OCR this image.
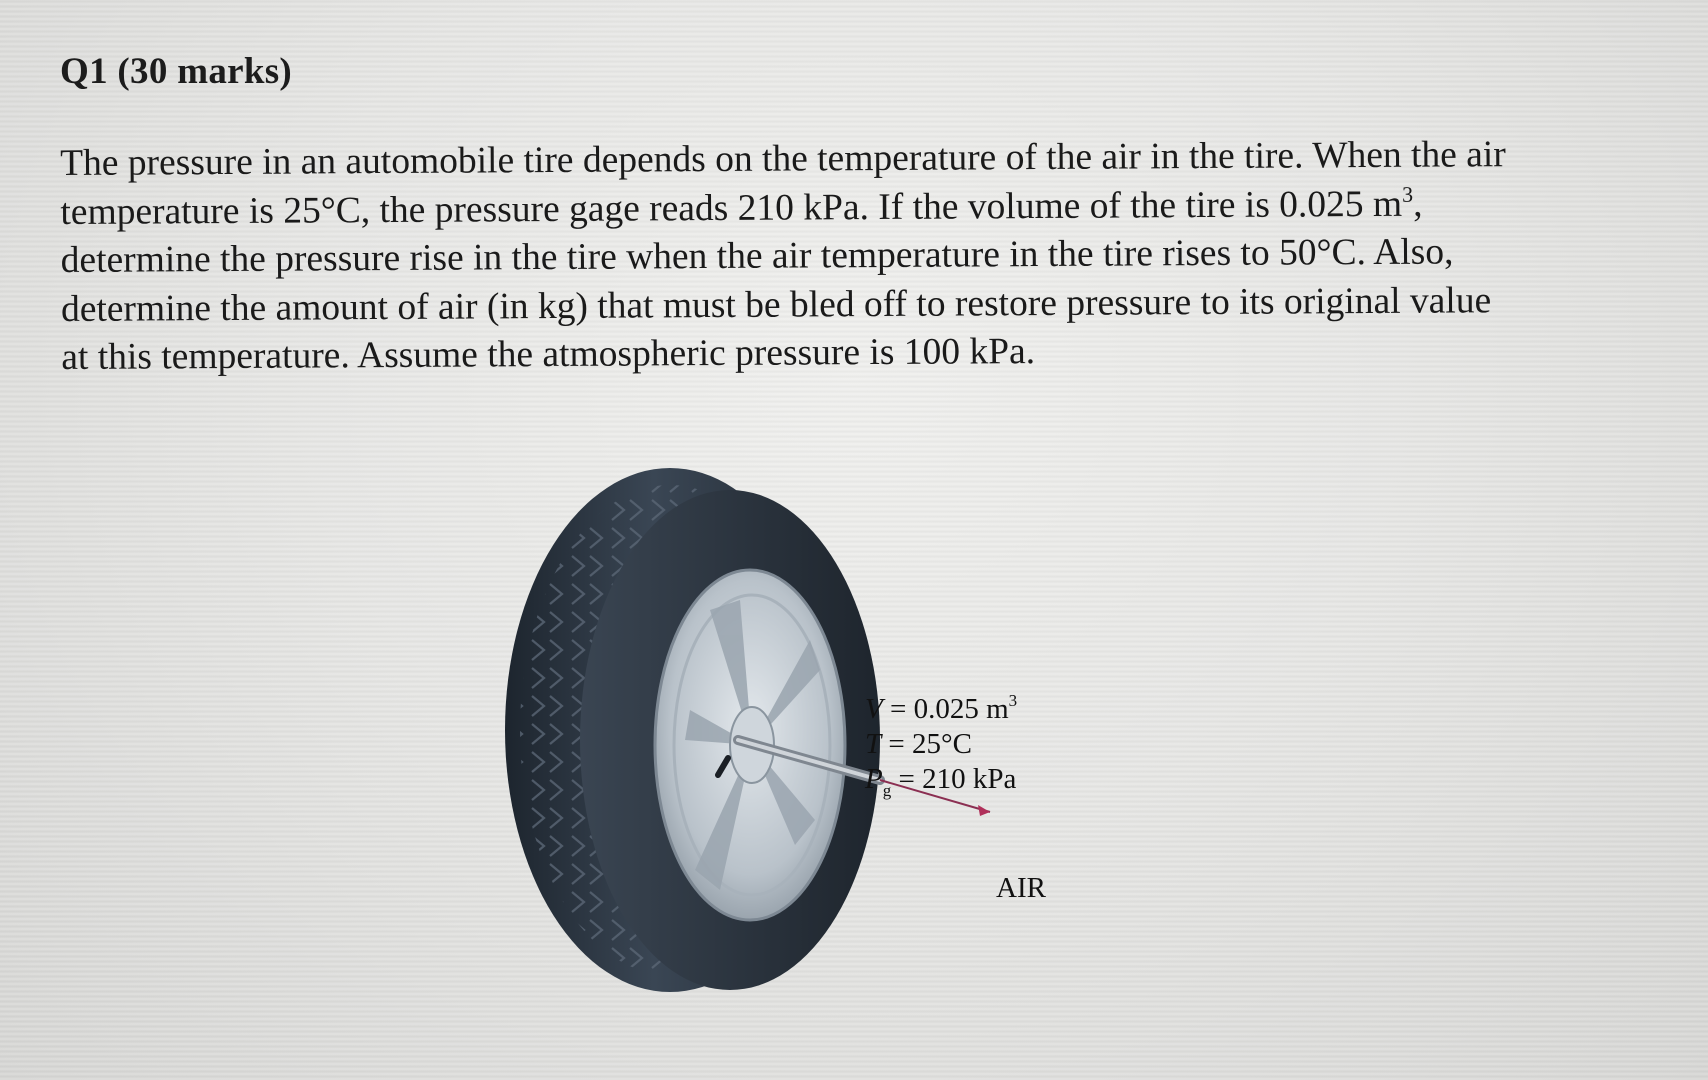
Q1 (30 marks)
The pressure in an automobile tire depends on the temperature of the air in the tire. When the air
temperature is 25°C, the pressure gage reads 210 kPa. If the volume of the tire is 0.025 $m^3$,
determine the pressure rise in the tire when the air temperature in the tire rises to 50°C. Also,
determine the amount of air (in kg) that must be bled off to restore pressure to its original value
at this temperature. Assume the atmospheric pressure is 100 kPa.
V = 0.025 $m^3$
T = 25°C
$P_g = 210$ kPa
AIR
